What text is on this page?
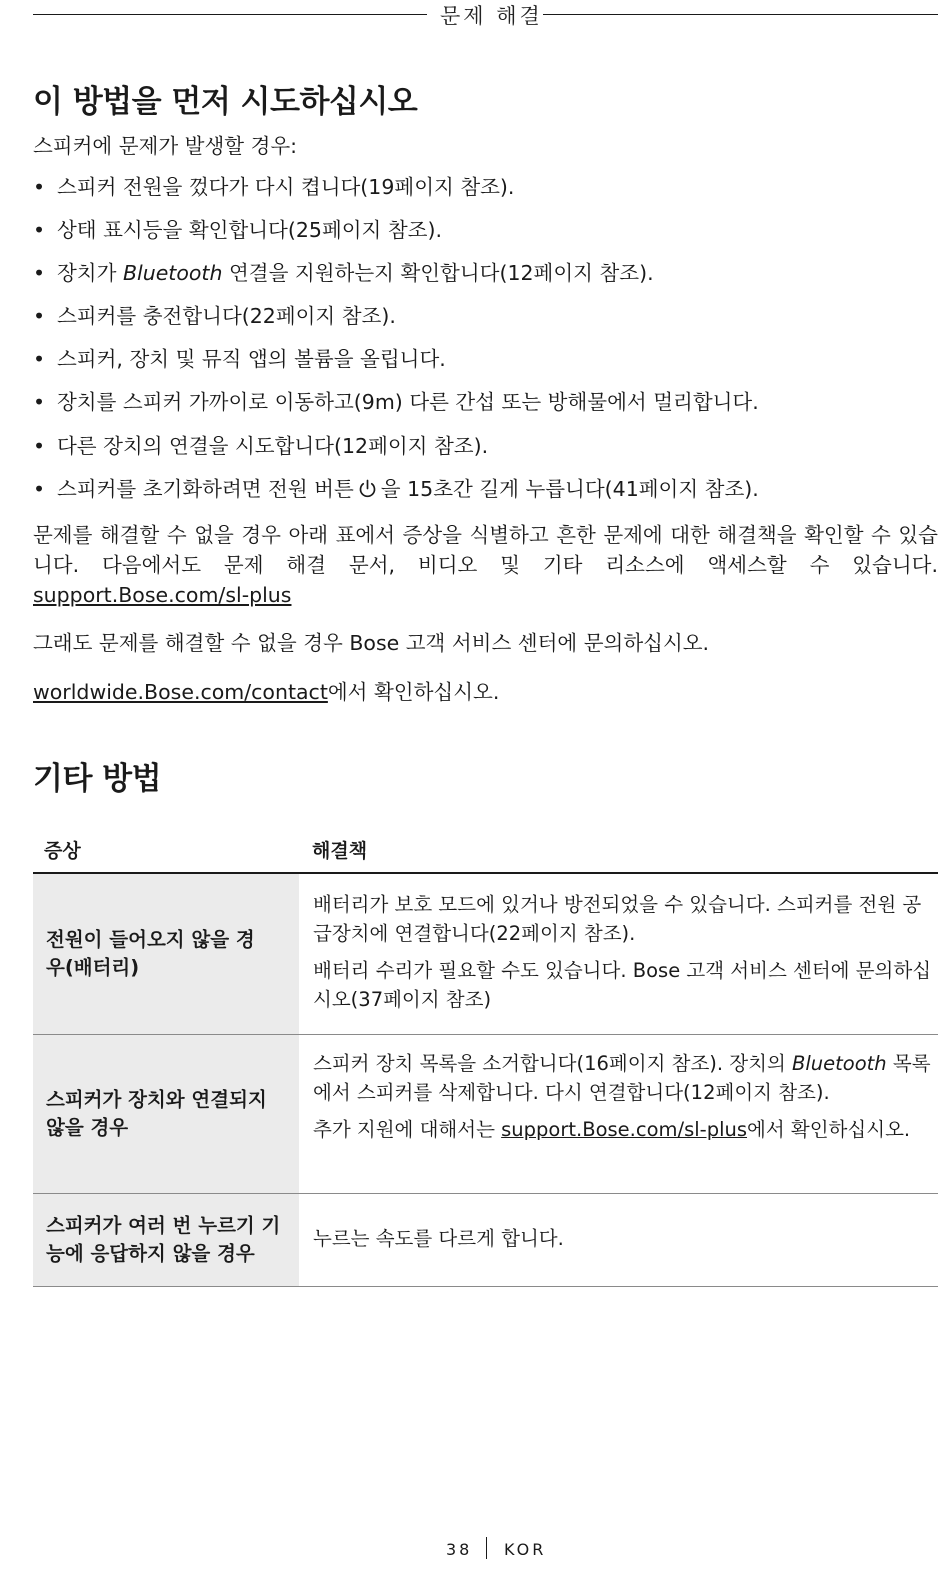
문제 해결
이 방법을 먼저 시도하십시오

스피커에 문제가 발생할 경우:

• 스피커 전원을 껐다가 다시 켭니다(19페이지 참조).
• 상태 표시등을 확인합니다(25페이지 참조).
• 장치가 Bluetooth 연결을 지원하는지 확인합니다(12페이지 참조).
• 스피커를 충전합니다(22페이지 참조).
• 스피커, 장치 및 뮤직 앱의 볼륨을 올립니다.
• 장치를 스피커 가까이로 이동하고(9m) 다른 간섭 또는 방해물에서 멀리합니다.
• 다른 장치의 연결을 시도합니다(12페이지 참조).
• 스피커를 초기화하려면 전원 버튼 을 15초간 길게 누릅니다(41페이지 참조).

문제를 해결할 수 없을 경우 아래 표에서 증상을 식별하고 흔한 문제에 대한 해결책을 확인할 수 있습니다. 다음에서도 문제 해결 문서, 비디오 및 기타 리소스에 액세스할 수 있습니다. support.Bose.com/sl-plus

그래도 문제를 해결할 수 없을 경우 Bose 고객 서비스 센터에 문의하십시오.

worldwide.Bose.com/contact에서 확인하십시오.

기타 방법
증상	해결책
전원이 들어오지 않을 경우(배터리)

배터리가 보호 모드에 있거나 방전되었을 수 있습니다. 스피커를 전원 공급장치에 연결합니다(22페이지 참조).

배터리 수리가 필요할 수도 있습니다. Bose 고객 서비스 센터에 문의하십시오(37페이지 참조)

스피커가 장치와 연결되지 않을 경우

스피커 장치 목록을 소거합니다(16페이지 참조). 장치의 Bluetooth 목록에서 스피커를 삭제합니다. 다시 연결합니다(12페이지 참조).

추가 지원에 대해서는 support.Bose.com/sl-plus에서 확인하십시오.

스피커가 여러 번 누르기 기능에 응답하지 않을 경우

누르는 속도를 다르게 합니다.

38 KOR
